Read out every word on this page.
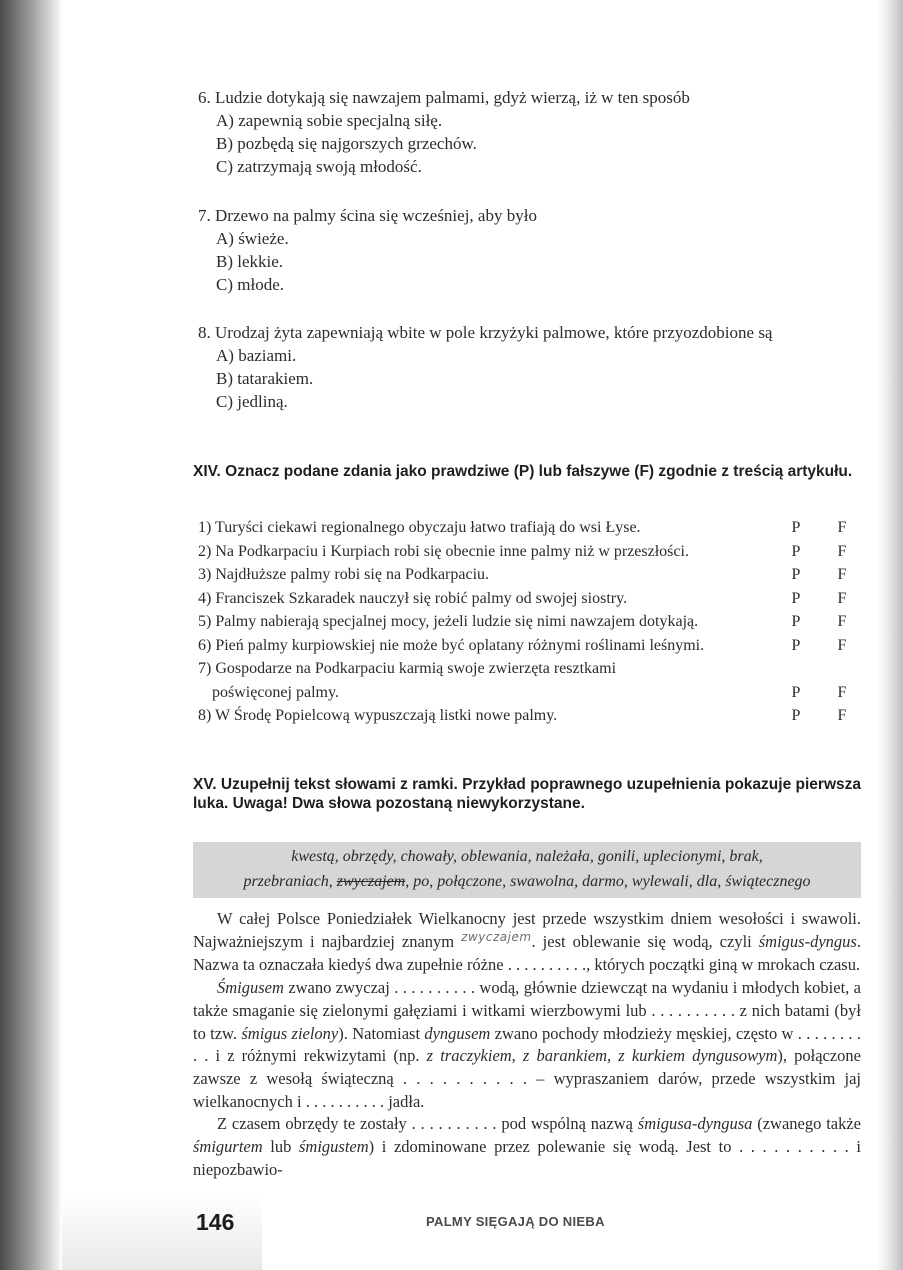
6. Ludzie dotykają się nawzajem palmami, gdyż wierzą, iż w ten sposób
A) zapewnią sobie specjalną siłę.
B) pozbędą się najgorszych grzechów.
C) zatrzymają swoją młodość.
7. Drzewo na palmy ścina się wcześniej, aby było
A) świeże.
B) lekkie.
C) młode.
8. Urodzaj żyta zapewniają wbite w pole krzyżyki palmowe, które przyozdobione są
A) baziami.
B) tatarakiem.
C) jedliną.
XIV. Oznacz podane zdania jako prawdziwe (P) lub fałszywe (F) zgodnie z treścią artykułu.
1) Turyści ciekawi regionalnego obyczaju łatwo trafiają do wsi Łyse.	P F
2) Na Podkarpaciu i Kurpiach robi się obecnie inne palmy niż w przeszłości.	P F
3) Najdłuższe palmy robi się na Podkarpaciu.	P F
4) Franciszek Szkaradek nauczył się robić palmy od swojej siostry.	P F
5) Palmy nabierają specjalnej mocy, jeżeli ludzie się nimi nawzajem dotykają.	P F
6) Pień palmy kurpiowskiej nie może być oplatany różnymi roślinami leśnymi.	P F
7) Gospodarze na Podkarpaciu karmią swoje zwierzęta resztkami
poświęconej palmy.	P F
8) W Środę Popielcową wypuszczają listki nowe palmy.	P F
XV. Uzupełnij tekst słowami z ramki. Przykład poprawnego uzupełnienia pokazuje pierwsza luka. Uwaga! Dwa słowa pozostaną niewykorzystane.
kwestą, obrzędy, chowały, oblewania, należała, gonili, uplecionymi, brak,
przebraniach, zwyczajem, po, połączone, swawolna, darmo, wylewali, dla, świątecznego

W całej Polsce Poniedziałek Wielkanocny jest przede wszystkim dniem wesołości i swawoli. Najważniejszym i najbardziej znanym $^{zwyczajem}$. jest oblewanie się wodą, czyli śmigus-dyngus. Nazwa ta oznaczała kiedyś dwa zupełnie różne . . . . . . . . . ., których początki giną w mrokach czasu.

Śmigusem zwano zwyczaj . . . . . . . . . . wodą, głównie dziewcząt na wydaniu i młodych kobiet, a także smaganie się zielonymi gałęziami i witkami wierzbowymi lub . . . . . . . . . . z nich batami (był to tzw. śmigus zielony). Natomiast dyngusem zwano pochody młodzieży męskiej, często w . . . . . . . . . . i z różnymi rekwizytami (np. z traczykiem, z barankiem, z kurkiem dyngusowym), połączone zawsze z wesołą świąteczną . . . . . . . . . . – wypraszaniem darów, przede wszystkim jaj wielkanocnych i . . . . . . . . . . jadła.

Z czasem obrzędy te zostały . . . . . . . . . . pod wspólną nazwą śmigusa-dyngusa (zwanego także śmigurtem lub śmigustem) i zdominowane przez polewanie się wodą. Jest to . . . . . . . . . . i niepozbawio-

146	PALMY SIĘGAJĄ DO NIEBA
